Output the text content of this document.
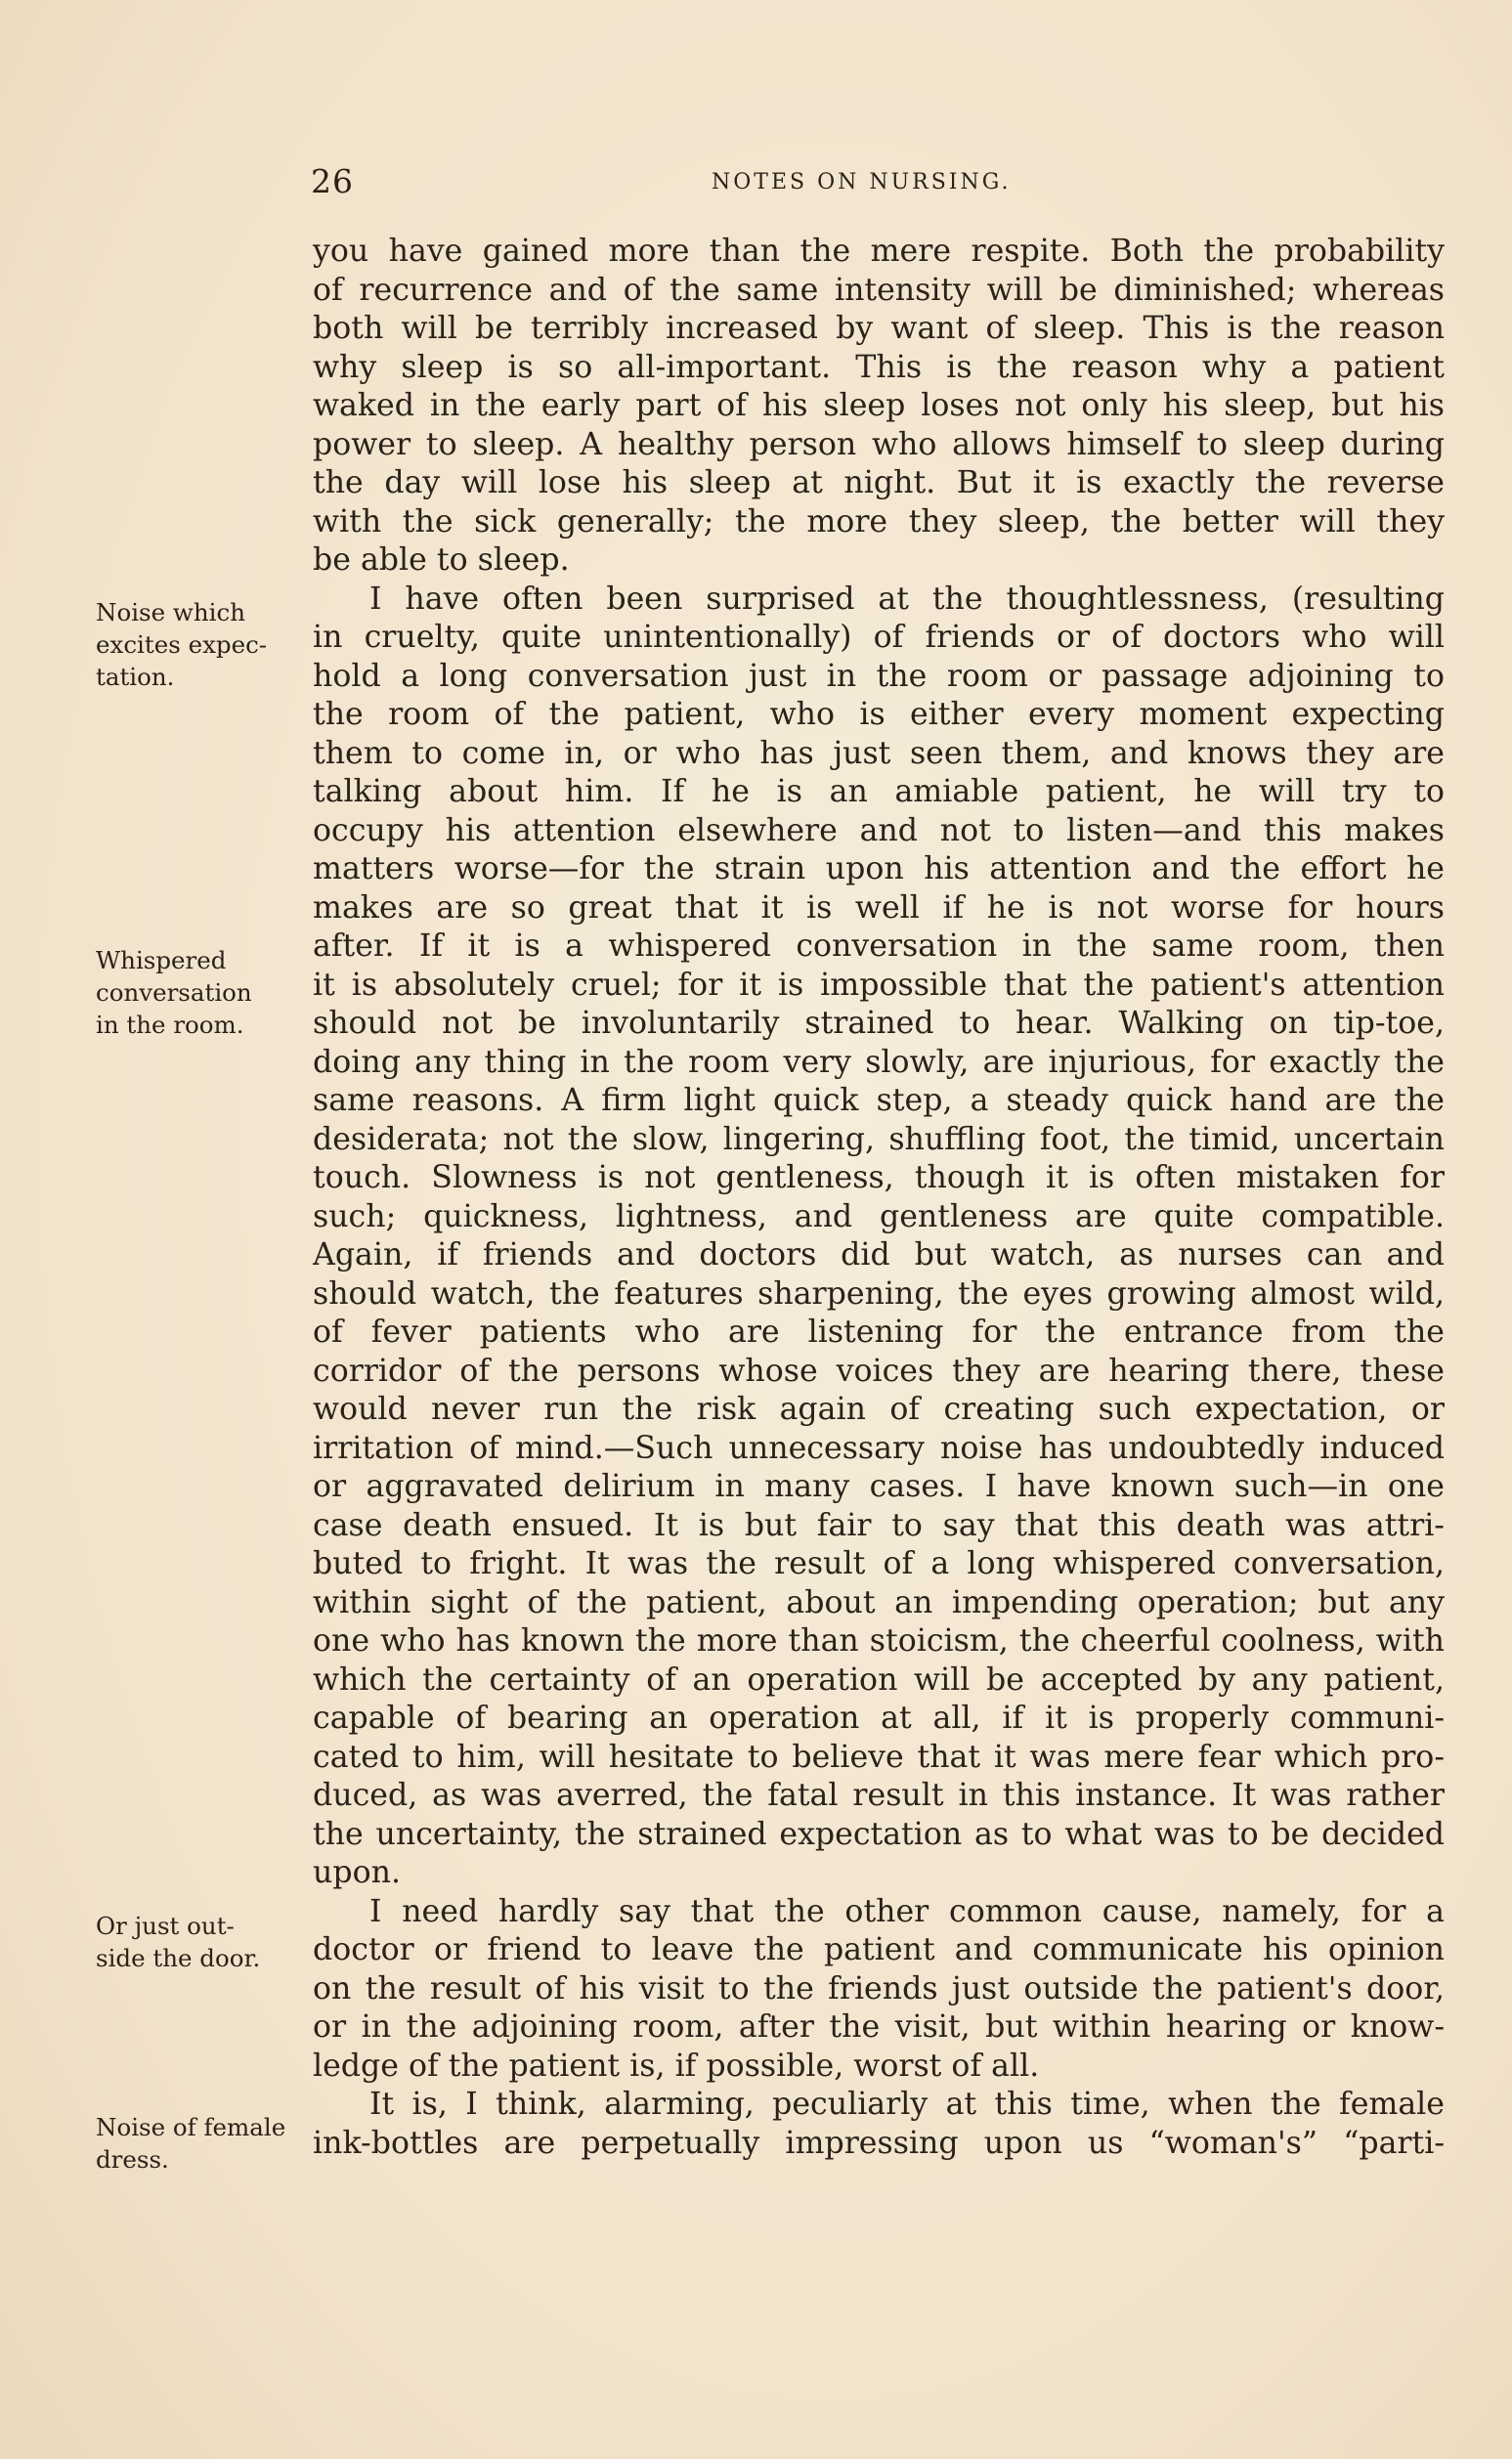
26	NOTES ON NURSING.
Noise which
excites expec-
tation.
Whispered
conversation
in the room.
Or just out-
side the door.
Noise of female
dress.
you have gained more than the mere respite. Both the probability
of recurrence and of the same intensity will be diminished; whereas
both will be terribly increased by want of sleep. This is the reason
why sleep is so all-important. This is the reason why a patient
waked in the early part of his sleep loses not only his sleep, but his
power to sleep. A healthy person who allows himself to sleep during
the day will lose his sleep at night. But it is exactly the reverse
with the sick generally; the more they sleep, the better will they
be able to sleep.
I have often been surprised at the thoughtlessness, (resulting
in cruelty, quite unintentionally) of friends or of doctors who will
hold a long conversation just in the room or passage adjoining to
the room of the patient, who is either every moment expecting
them to come in, or who has just seen them, and knows they are
talking about him. If he is an amiable patient, he will try to
occupy his attention elsewhere and not to listen—and this makes
matters worse—for the strain upon his attention and the effort he
makes are so great that it is well if he is not worse for hours
after. If it is a whispered conversation in the same room, then
it is absolutely cruel; for it is impossible that the patient's attention
should not be involuntarily strained to hear. Walking on tip-toe,
doing any thing in the room very slowly, are injurious, for exactly the
same reasons. A firm light quick step, a steady quick hand are the
desiderata; not the slow, lingering, shuffling foot, the timid, uncertain
touch. Slowness is not gentleness, though it is often mistaken for
such; quickness, lightness, and gentleness are quite compatible.
Again, if friends and doctors did but watch, as nurses can and
should watch, the features sharpening, the eyes growing almost wild,
of fever patients who are listening for the entrance from the
corridor of the persons whose voices they are hearing there, these
would never run the risk again of creating such expectation, or
irritation of mind.—Such unnecessary noise has undoubtedly induced
or aggravated delirium in many cases. I have known such—in one
case death ensued. It is but fair to say that this death was attri-
buted to fright. It was the result of a long whispered conversation,
within sight of the patient, about an impending operation; but any
one who has known the more than stoicism, the cheerful coolness, with
which the certainty of an operation will be accepted by any patient,
capable of bearing an operation at all, if it is properly communi-
cated to him, will hesitate to believe that it was mere fear which pro-
duced, as was averred, the fatal result in this instance. It was rather
the uncertainty, the strained expectation as to what was to be decided
upon.
I need hardly say that the other common cause, namely, for a
doctor or friend to leave the patient and communicate his opinion
on the result of his visit to the friends just outside the patient's door,
or in the adjoining room, after the visit, but within hearing or know-
ledge of the patient is, if possible, worst of all.
It is, I think, alarming, peculiarly at this time, when the female
ink-bottles are perpetually impressing upon us “woman's” “parti-
